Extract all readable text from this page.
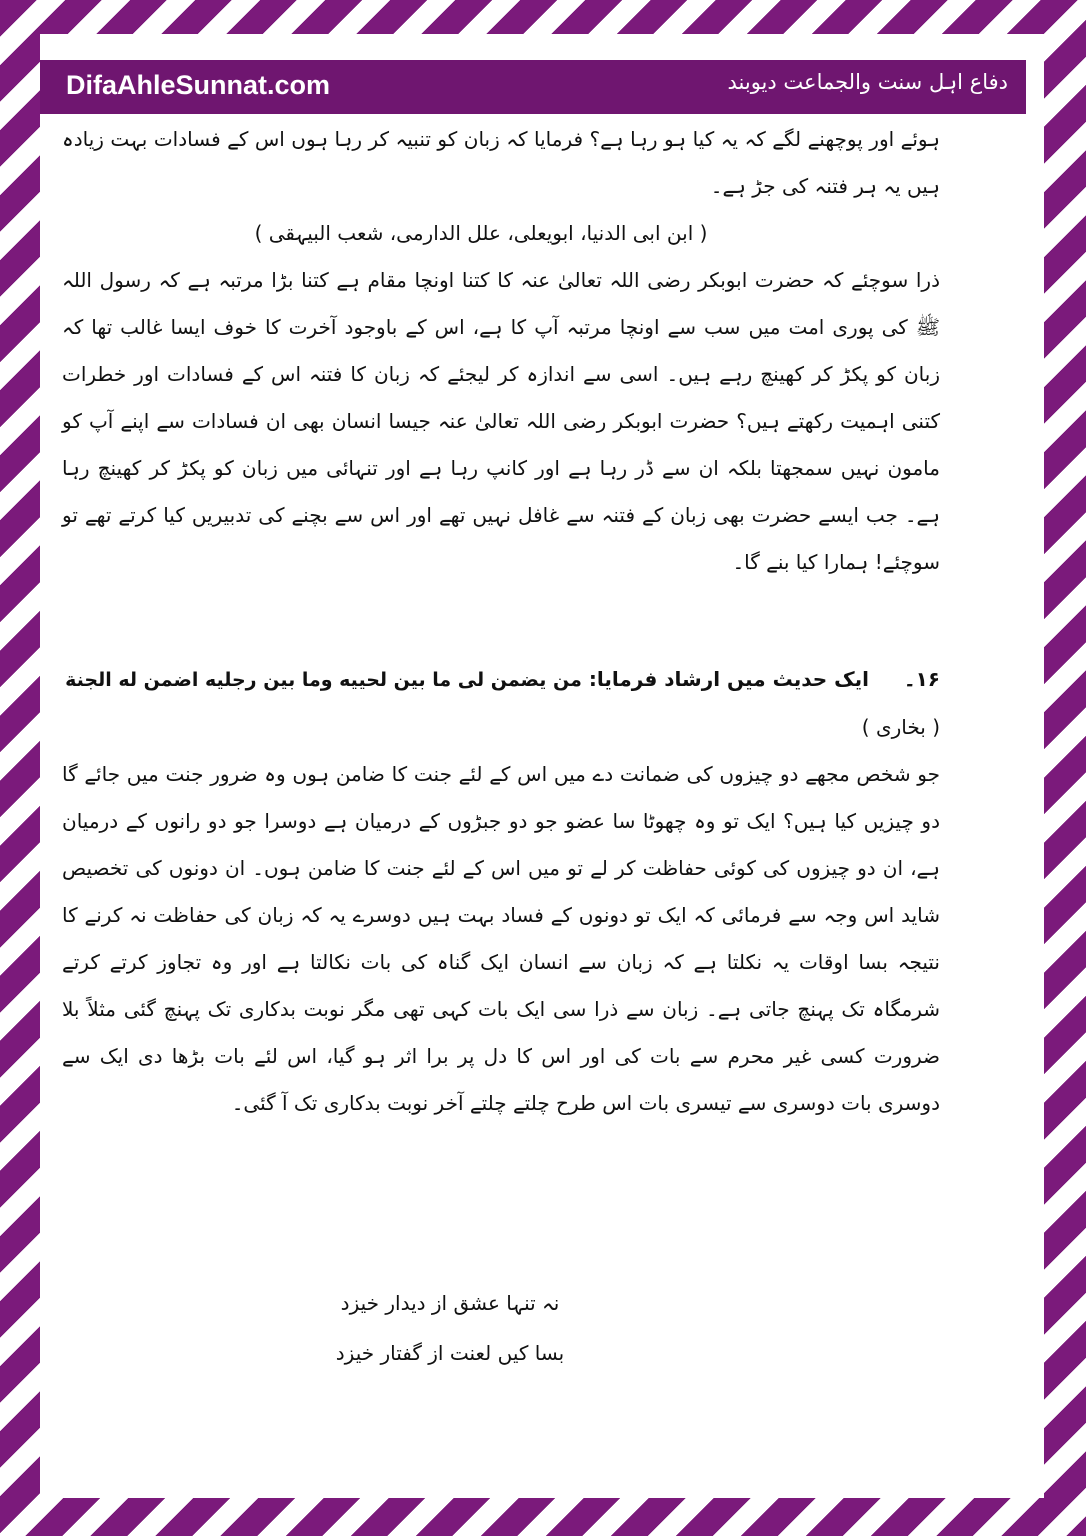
DifaAhleSunnat.com	دفاع اہل سنت والجماعت دیوبند

ہوئے اور پوچھنے لگے کہ یہ کیا ہو رہا ہے؟ فرمایا کہ زبان کو تنبیہ کر رہا ہوں اس کے فسادات بہت زیادہ ہیں یہ ہر فتنہ کی جڑ ہے۔

( ابن ابی الدنیا، ابویعلی، علل الدارمی، شعب البیہقی )

ذرا سوچئے کہ حضرت ابوبکر رضی اللہ تعالیٰ عنہ کا کتنا اونچا مقام ہے کتنا بڑا مرتبہ ہے کہ رسول اللہ ﷺ کی پوری امت میں سب سے اونچا مرتبہ آپ کا ہے، اس کے باوجود آخرت کا خوف ایسا غالب تھا کہ زبان کو پکڑ کر کھینچ رہے ہیں۔ اسی سے اندازہ کر لیجئے کہ زبان کا فتنہ اس کے فسادات اور خطرات کتنی اہمیت رکھتے ہیں؟ حضرت ابوبکر رضی اللہ تعالیٰ عنہ جیسا انسان بھی ان فسادات سے اپنے آپ کو مامون نہیں سمجھتا بلکہ ان سے ڈر رہا ہے اور کانپ رہا ہے اور تنہائی میں زبان کو پکڑ کر کھینچ رہا ہے۔ جب ایسے حضرت بھی زبان کے فتنہ سے غافل نہیں تھے اور اس سے بچنے کی تدبیریں کیا کرتے تھے تو سوچئے! ہمارا کیا بنے گا۔

۱۶۔     ایک حدیث میں ارشاد فرمایا: من یضمن لی ما بین لحییه وما بین رجلیه اضمن له الجنة

( بخاری )

جو شخص مجھے دو چیزوں کی ضمانت دے میں اس کے لئے جنت کا ضامن ہوں وہ ضرور جنت میں جائے گا دو چیزیں کیا ہیں؟ ایک تو وہ چھوٹا سا عضو جو دو جبڑوں کے درمیان ہے دوسرا جو دو رانوں کے درمیان ہے، ان دو چیزوں کی کوئی حفاظت کر لے تو میں اس کے لئے جنت کا ضامن ہوں۔ ان دونوں کی تخصیص شاید اس وجہ سے فرمائی کہ ایک تو دونوں کے فساد بہت ہیں دوسرے یہ کہ زبان کی حفاظت نہ کرنے کا نتیجہ بسا اوقات یہ نکلتا ہے کہ زبان سے انسان ایک گناہ کی بات نکالتا ہے اور وہ تجاوز کرتے کرتے شرمگاہ تک پہنچ جاتی ہے۔ زبان سے ذرا سی ایک بات کہی تھی مگر نوبت بدکاری تک پہنچ گئی مثلاً بلا ضرورت کسی غیر محرم سے بات کی اور اس کا دل پر برا اثر ہو گیا، اس لئے بات بڑھا دی ایک سے دوسری بات دوسری سے تیسری بات اس طرح چلتے چلتے آخر نوبت بدکاری تک آ گئی۔

نہ تنہا عشق از دیدار خیزد
بسا کیں لعنت از گفتار خیزد
